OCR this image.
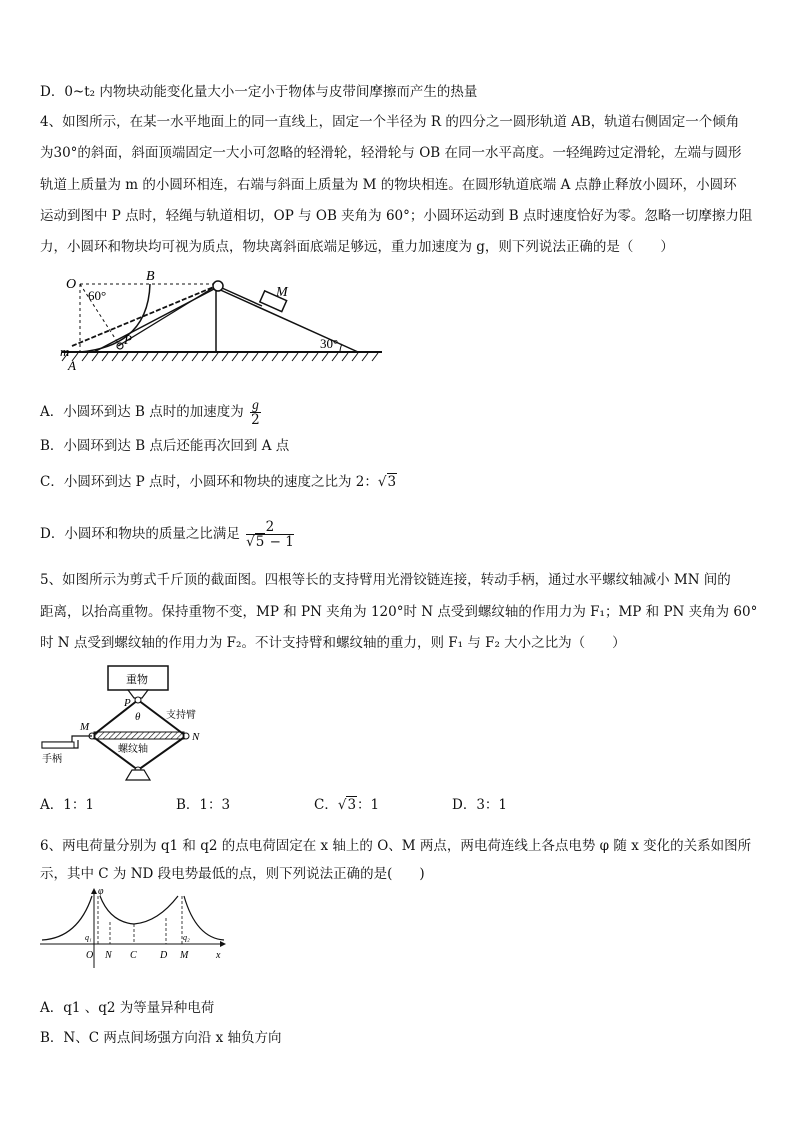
D．0~t₂ 内物块动能变化量大小一定小于物体与皮带间摩擦而产生的热量
4、如图所示，在某一水平地面上的同一直线上，固定一个半径为 R 的四分之一圆形轨道 AB，轨道右侧固定一个倾角
为30°的斜面，斜面顶端固定一大小可忽略的轻滑轮，轻滑轮与 OB 在同一水平高度。一轻绳跨过定滑轮，左端与圆形
轨道上质量为 m 的小圆环相连，右端与斜面上质量为 M 的物块相连。在圆形轨道底端 A 点静止释放小圆环，小圆环
运动到图中 P 点时，轻绳与轨道相切，OP 与 OB 夹角为 60°；小圆环运动到 B 点时速度恰好为零。忽略一切摩擦力阻
力，小圆环和物块均可视为质点，物块离斜面底端足够远，重力加速度为 g，则下列说法正确的是（　　）
O
B
60°	M
P
m
A
30°
A．小圆环到达 B 点时的加速度为 $\frac{g}{2}$
B．小圆环到达 B 点后还能再次回到 A 点
C．小圆环到达 P 点时，小圆环和物块的速度之比为 2：√3
D．小圆环和物块的质量之比满足 $\frac{2}{√5 - 1}$
5、如图所示为剪式千斤顶的截面图。四根等长的支持臂用光滑铰链连接，转动手柄，通过水平螺纹轴减小 MN 间的
距离，以抬高重物。保持重物不变，MP 和 PN 夹角为 120°时 N 点受到螺纹轴的作用力为 F₁；MP 和 PN 夹角为 60°
时 N 点受到螺纹轴的作用力为 F₂。不计支持臂和螺纹轴的重力，则 F₁ 与 F₂ 大小之比为（　　）
重物
P
θ	支持臂
M
N
螺纹轴
手柄
A．1：1	B．1：3	C．√3：1	D．3：1
6、两电荷量分别为 q1 和 q2 的点电荷固定在 x 轴上的 O、M 两点，两电荷连线上各点电势 φ 随 x 变化的关系如图所
示，其中 C 为 ND 段电势最低的点，则下列说法正确的是(　　)
φ
q₁	q₂
O N C D M	x
A．q1 、q2 为等量异种电荷
B．N、C 两点间场强方向沿 x 轴负方向
